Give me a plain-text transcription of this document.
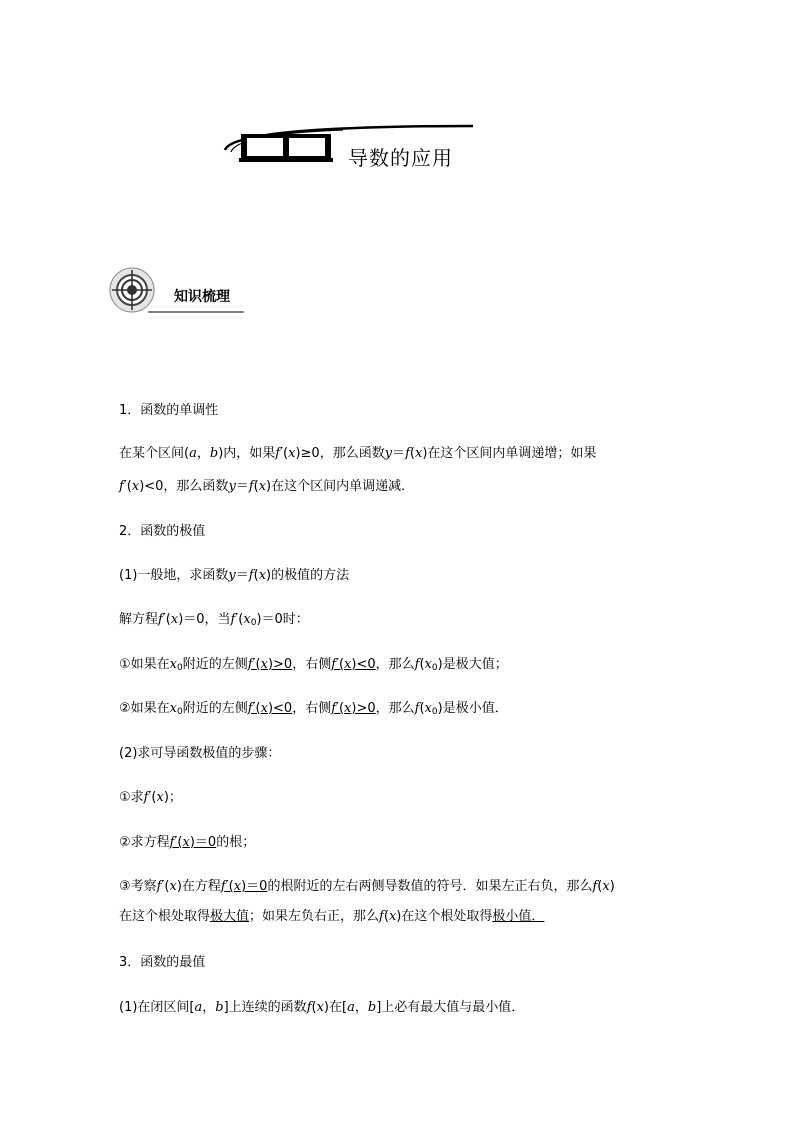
导数的应用
知识梳理
1．函数的单调性
在某个区间(a，b)内，如果f′(x)≥0，那么函数y＝f(x)在这个区间内单调递增；如果
f′(x)<0，那么函数y＝f(x)在这个区间内单调递减．
2．函数的极值
(1)一般地，求函数y＝f(x)的极值的方法
解方程f′(x)＝0，当$f'(x_0)=0$时：
①如果在$x_0$附近的左侧f′(x)>0，右侧f′(x)<0，那么$f(x_0)$是极大值；
②如果在$x_0$附近的左侧f′(x)<0，右侧f′(x)>0，那么$f(x_0)$是极小值．
(2)求可导函数极值的步骤：
①求f′(x)；
②求方程f′(x)＝0的根；
③考察f′(x)在方程f′(x)＝0的根附近的左右两侧导数值的符号．如果左正右负，那么f(x)
在这个根处取得极大值；如果左负右正，那么f(x)在这个根处取得极小值．
3．函数的最值
(1)在闭区间[a，b]上连续的函数f(x)在[a，b]上必有最大值与最小值．
